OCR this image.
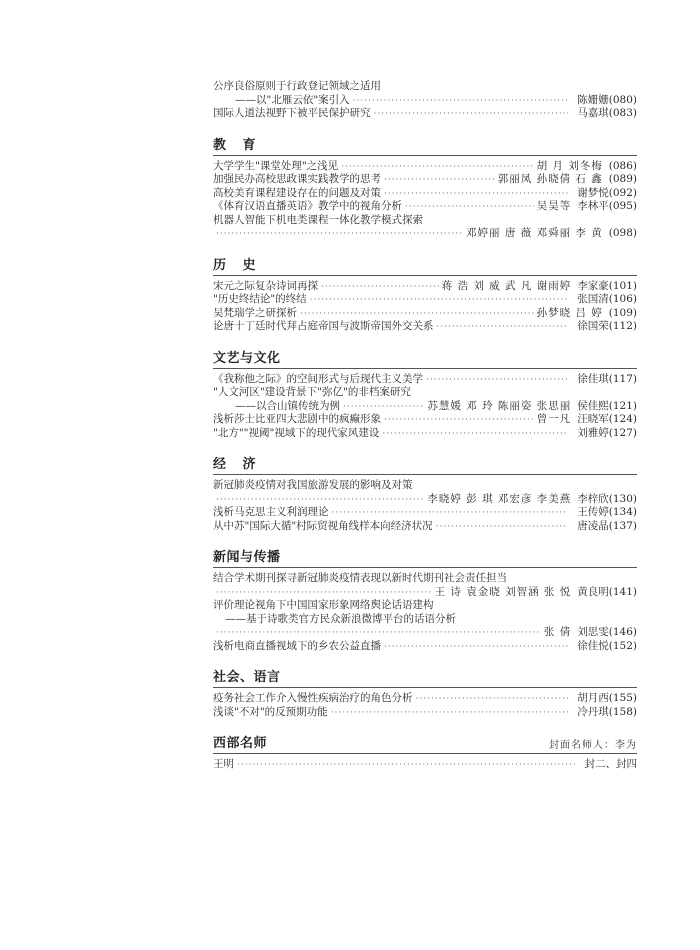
公序良俗原则于行政登记领域之适用
——以"北雁云依"案引入 ·····	陈姗姗(080)
国际人道法视野下被平民保护研究 ·····	马嘉琪(083)
教 育
大学学生"课堂处理"之浅见 ·····	胡 月 刘冬梅 (086)
加强民办高校思政课实践教学的思考 ·····	郭丽凤 孙晓倩 石 鑫 (089)
高校美育课程建设存在的问题及对策 ·····	谢梦悦(092)
《体育汉语直播英语》教学中的视角分析 ·····	吴昊等 李林平(095)
机器人智能下机电类课程一体化教学模式探索
·····
邓婷丽 唐 薇 邓舜丽 李 黄 (098)
历 史
宋元之际复杂诗词再探 ·····	蒋 浩 刘 威 武 凡 谢雨婷 李家豪(101)
"历史终结论"的终结 ·····	张国清(106)
吴梵瑞学之研探析 ·····	孙梦晓 吕 婷 (109)
论唐十丁廷时代拜占庭帝国与波斯帝国外交关系 ·····	徐国荣(112)
文艺与文化
《我称他之际》的空间形式与后现代主义美学 ·····	徐佳琪(117)
"人文河区"建设背景下"弥亿"的非档案研究
——以合山镇传统为例 ·····	苏慧媛 邓 玲 陈丽姿 张思丽 侯佳熙(121)
浅析莎士比亚四大悲剧中的疯癫形象 ·····	曾一凡 汪晓军(124)
"北方""视阈"视域下的现代家风建设 ·····	刘雅婷(127)
经 济
新冠肺炎疫情对我国旅游发展的影响及对策
·····
李晓婷 彭 琪 邓宏彦 李美燕 李梓欣(130)
浅析马克思主义利润理论 ·····	王传婷(134)
从中苏"国际大循"村际贸视角线样本向经济状况 ·····	唐凌晶(137)
新闻与传播
结合学术期刊探寻新冠肺炎疫情表现以新时代期刊社会责任担当
·····
王 诗 袁金晓 刘智涵 张 悦 黄良明(141)
评价理论视角下中国国家形象网络舆论话语建构
——基于诗歌类官方民众新浪微博平台的话语分析
·····
张 倩 刘思雯(146)
浅析电商直播视域下的乡农公益直播 ·····	徐佳悦(152)
社会、语言
疫务社会工作介入慢性疾病治疗的角色分析 ·····	胡月西(155)
浅谈"不对"的反预期功能 ·····	冷丹琪(158)
西部名师	封面名师人：李为
王明 ·····	封二、封四
